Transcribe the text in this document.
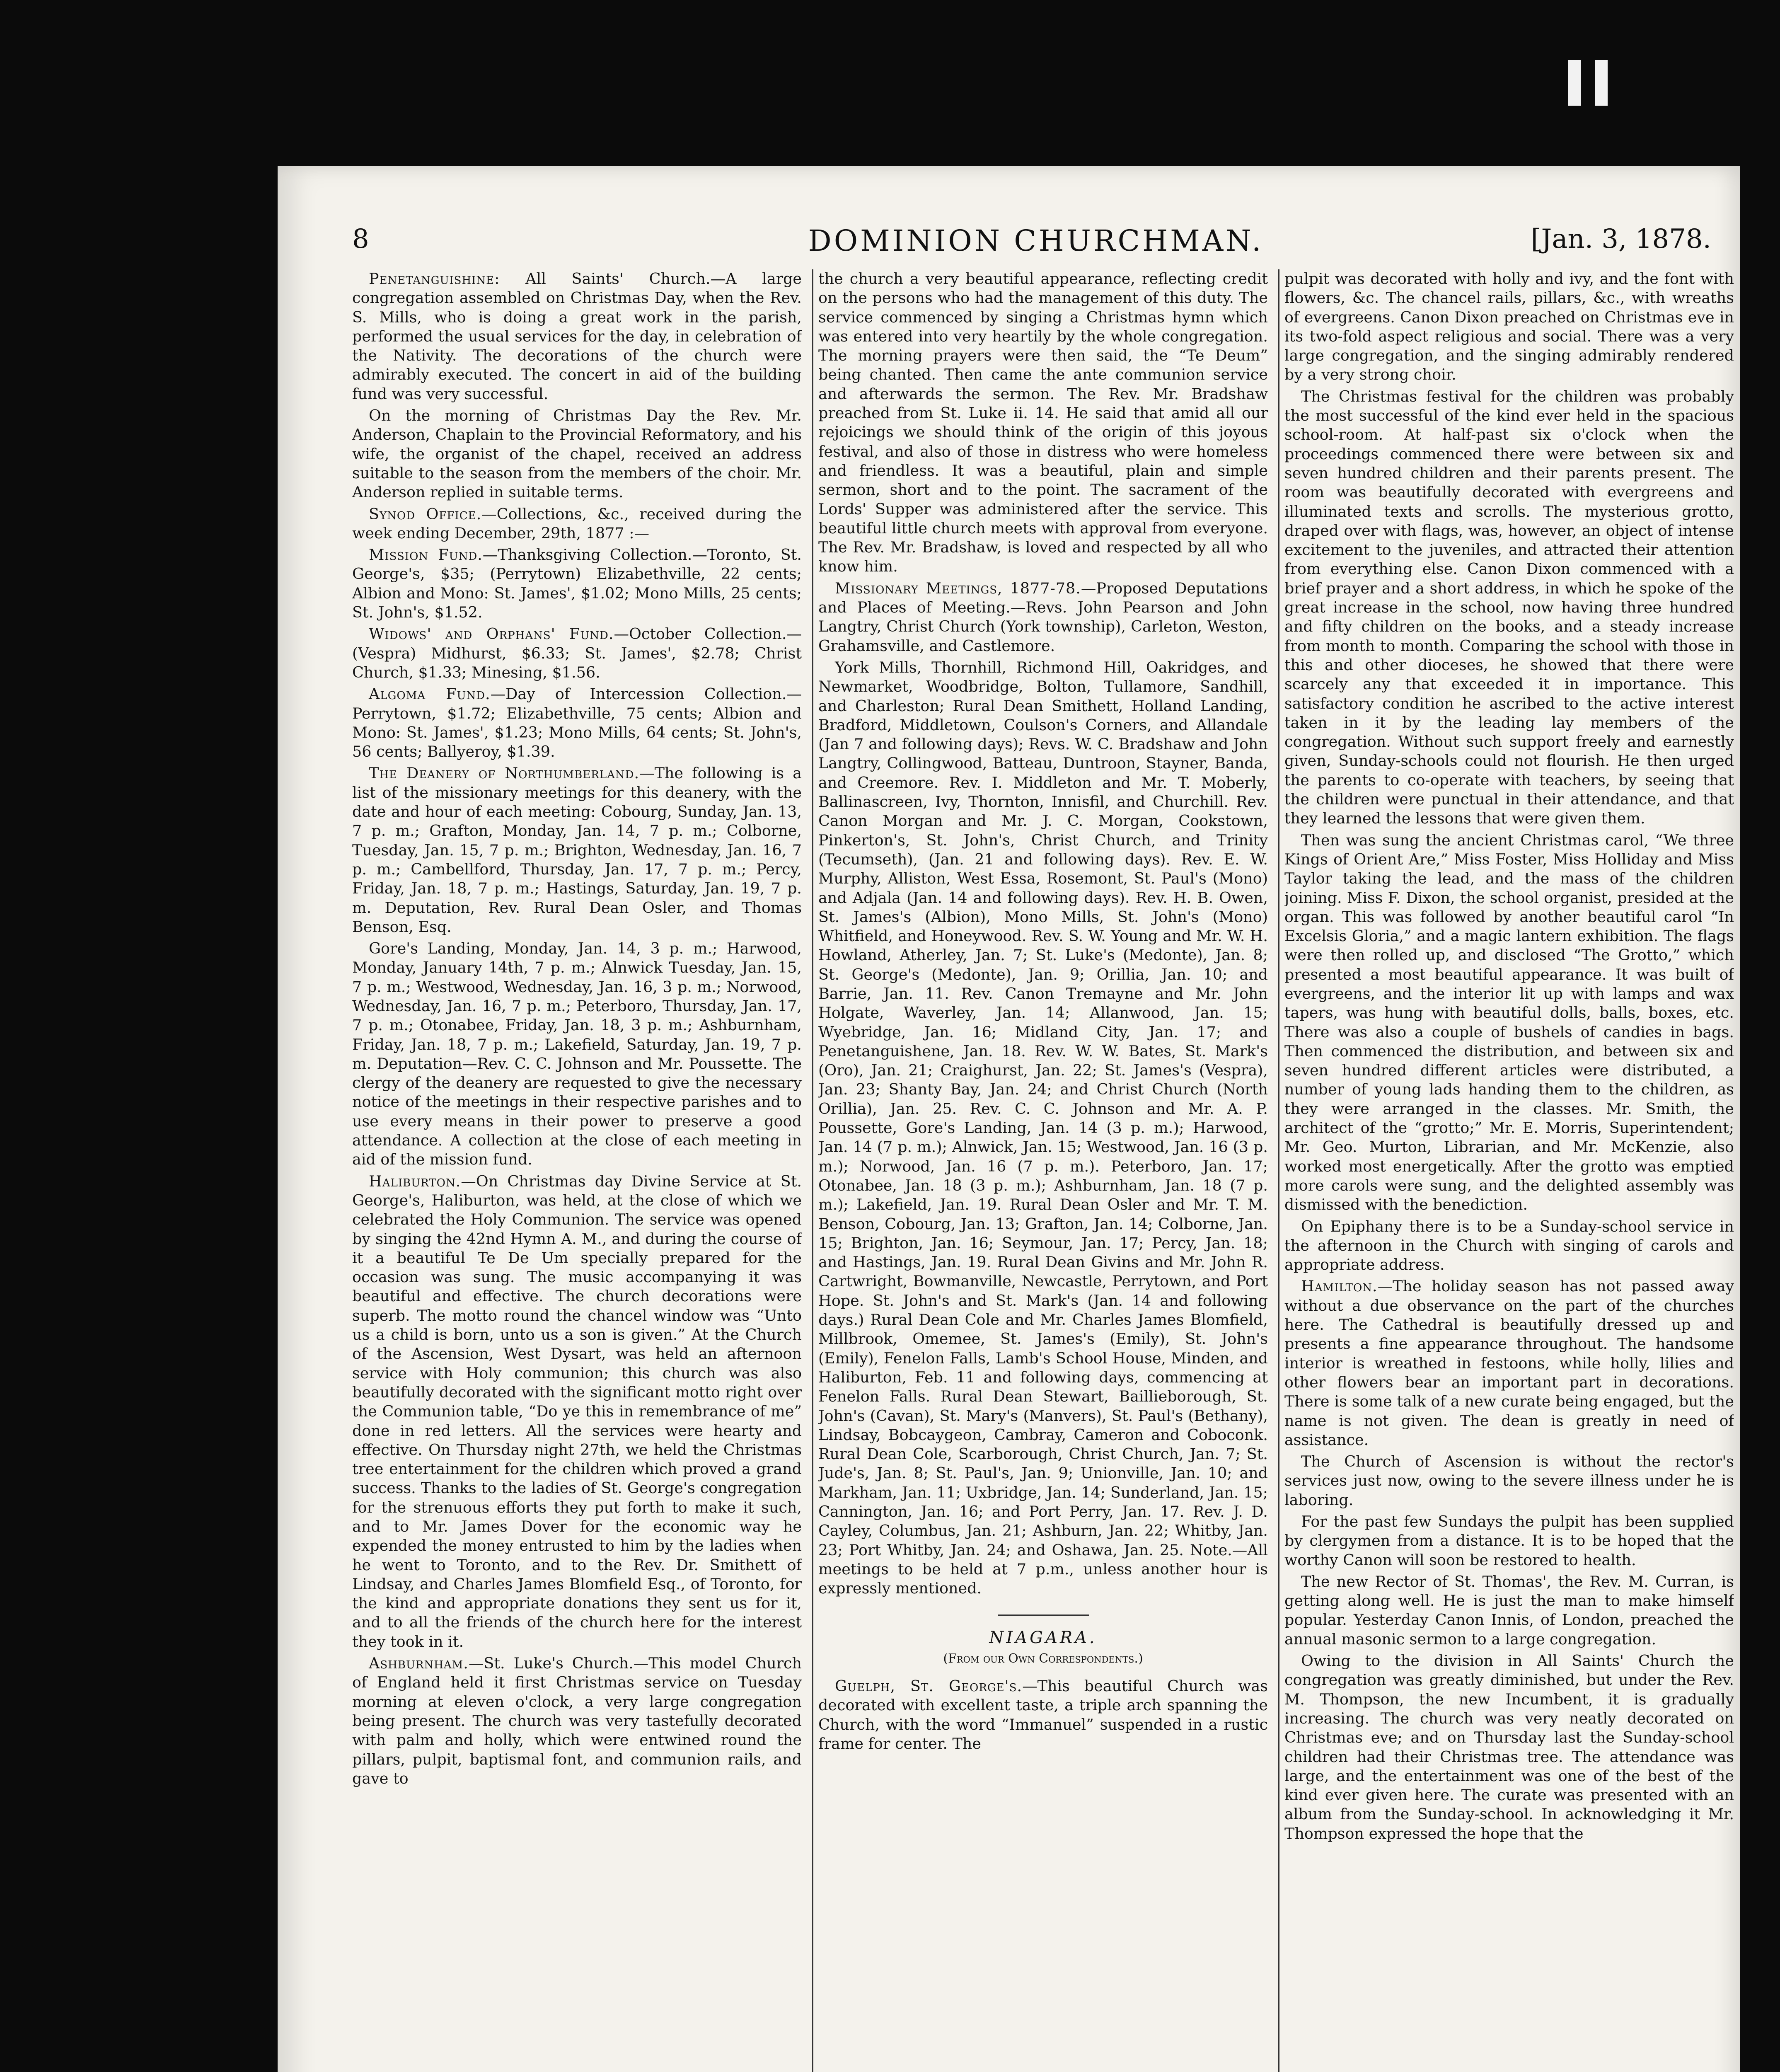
8	DOMINION CHURCHMAN.	[Jan. 3, 1878.

Penetanguishine: All Saints' Church.—A large congregation assembled on Christmas Day, when the Rev. S. Mills, who is doing a great work in the parish, performed the usual services for the day, in celebration of the Nativity. The decorations of the church were admirably executed. The concert in aid of the building fund was very successful.

On the morning of Christmas Day the Rev. Mr. Anderson, Chaplain to the Provincial Reformatory, and his wife, the organist of the chapel, received an address suitable to the season from the members of the choir. Mr. Anderson replied in suitable terms.

Synod Office.—Collections, &c., received during the week ending December, 29th, 1877 :—

Mission Fund.—Thanksgiving Collection.—Toronto, St. George's, $35; (Perrytown) Elizabethville, 22 cents; Albion and Mono: St. James', $1.02; Mono Mills, 25 cents; St. John's, $1.52.

Widows' and Orphans' Fund.—October Collection.—(Vespra) Midhurst, $6.33; St. James', $2.78; Christ Church, $1.33; Minesing, $1.56.

Algoma Fund.—Day of Intercession Collection.—Perrytown, $1.72; Elizabethville, 75 cents; Albion and Mono: St. James', $1.23; Mono Mills, 64 cents; St. John's, 56 cents; Ballyeroy, $1.39.

The Deanery of Northumberland.—The following is a list of the missionary meetings for this deanery, with the date and hour of each meeting: Cobourg, Sunday, Jan. 13, 7 p. m.; Grafton, Monday, Jan. 14, 7 p. m.; Colborne, Tuesday, Jan. 15, 7 p. m.; Brighton, Wednesday, Jan. 16, 7 p. m.; Cambellford, Thursday, Jan. 17, 7 p. m.; Percy, Friday, Jan. 18, 7 p. m.; Hastings, Saturday, Jan. 19, 7 p. m. Deputation, Rev. Rural Dean Osler, and Thomas Benson, Esq.

Gore's Landing, Monday, Jan. 14, 3 p. m.; Harwood, Monday, January 14th, 7 p. m.; Alnwick Tuesday, Jan. 15, 7 p. m.; Westwood, Wednesday, Jan. 16, 3 p. m.; Norwood, Wednesday, Jan. 16, 7 p. m.; Peterboro, Thursday, Jan. 17, 7 p. m.; Otonabee, Friday, Jan. 18, 3 p. m.; Ashburnham, Friday, Jan. 18, 7 p. m.; Lakefield, Saturday, Jan. 19, 7 p. m. Deputation—Rev. C. C. Johnson and Mr. Poussette. The clergy of the deanery are requested to give the necessary notice of the meetings in their respective parishes and to use every means in their power to preserve a good attendance. A collection at the close of each meeting in aid of the mission fund.

Haliburton.—On Christmas day Divine Service at St. George's, Haliburton, was held, at the close of which we celebrated the Holy Communion. The service was opened by singing the 42nd Hymn A. M., and during the course of it a beautiful Te De Um specially prepared for the occasion was sung. The music accompanying it was beautiful and effective. The church decorations were superb. The motto round the chancel window was “Unto us a child is born, unto us a son is given.” At the Church of the Ascension, West Dysart, was held an afternoon service with Holy communion; this church was also beautifully decorated with the significant motto right over the Communion table, “Do ye this in remembrance of me” done in red letters. All the services were hearty and effective. On Thursday night 27th, we held the Christmas tree entertainment for the children which proved a grand success. Thanks to the ladies of St. George's congregation for the strenuous efforts they put forth to make it such, and to Mr. James Dover for the economic way he expended the money entrusted to him by the ladies when he went to Toronto, and to the Rev. Dr. Smithett of Lindsay, and Charles James Blomfield Esq., of Toronto, for the kind and appropriate donations they sent us for it, and to all the friends of the church here for the interest they took in it.

Ashburnham.—St. Luke's Church.—This model Church of England held it first Christmas service on Tuesday morning at eleven o'clock, a very large congregation being present. The church was very tastefully decorated with palm and holly, which were entwined round the pillars, pulpit, baptismal font, and communion rails, and gave to

the church a very beautiful appearance, reflecting credit on the persons who had the management of this duty. The service commenced by singing a Christmas hymn which was entered into very heartily by the whole congregation. The morning prayers were then said, the “Te Deum” being chanted. Then came the ante communion service and afterwards the sermon. The Rev. Mr. Bradshaw preached from St. Luke ii. 14. He said that amid all our rejoicings we should think of the origin of this joyous festival, and also of those in distress who were homeless and friendless. It was a beautiful, plain and simple sermon, short and to the point. The sacrament of the Lords' Supper was administered after the service. This beautiful little church meets with approval from everyone. The Rev. Mr. Bradshaw, is loved and respected by all who know him.

Missionary Meetings, 1877-78.—Proposed Deputations and Places of Meeting.—Revs. John Pearson and John Langtry, Christ Church (York township), Carleton, Weston, Grahamsville, and Castlemore.

York Mills, Thornhill, Richmond Hill, Oakridges, and Newmarket, Woodbridge, Bolton, Tullamore, Sandhill, and Charleston; Rural Dean Smithett, Holland Landing, Bradford, Middletown, Coulson's Corners, and Allandale (Jan 7 and following days); Revs. W. C. Bradshaw and John Langtry, Collingwood, Batteau, Duntroon, Stayner, Banda, and Creemore. Rev. I. Middleton and Mr. T. Moberly, Ballinascreen, Ivy, Thornton, Innisfil, and Churchill. Rev. Canon Morgan and Mr. J. C. Morgan, Cookstown, Pinkerton's, St. John's, Christ Church, and Trinity (Tecumseth), (Jan. 21 and following days). Rev. E. W. Murphy, Alliston, West Essa, Rosemont, St. Paul's (Mono) and Adjala (Jan. 14 and following days). Rev. H. B. Owen, St. James's (Albion), Mono Mills, St. John's (Mono) Whitfield, and Honeywood. Rev. S. W. Young and Mr. W. H. Howland, Atherley, Jan. 7; St. Luke's (Medonte), Jan. 8; St. George's (Medonte), Jan. 9; Orillia, Jan. 10; and Barrie, Jan. 11. Rev. Canon Tremayne and Mr. John Holgate, Waverley, Jan. 14; Allanwood, Jan. 15; Wyebridge, Jan. 16; Midland City, Jan. 17; and Penetanguishene, Jan. 18. Rev. W. W. Bates, St. Mark's (Oro), Jan. 21; Craighurst, Jan. 22; St. James's (Vespra), Jan. 23; Shanty Bay, Jan. 24; and Christ Church (North Orillia), Jan. 25. Rev. C. C. Johnson and Mr. A. P. Poussette, Gore's Landing, Jan. 14 (3 p. m.); Harwood, Jan. 14 (7 p. m.); Alnwick, Jan. 15; Westwood, Jan. 16 (3 p. m.); Norwood, Jan. 16 (7 p. m.). Peterboro, Jan. 17; Otonabee, Jan. 18 (3 p. m.); Ashburnham, Jan. 18 (7 p. m.); Lakefield, Jan. 19. Rural Dean Osler and Mr. T. M. Benson, Cobourg, Jan. 13; Grafton, Jan. 14; Colborne, Jan. 15; Brighton, Jan. 16; Seymour, Jan. 17; Percy, Jan. 18; and Hastings, Jan. 19. Rural Dean Givins and Mr. John R. Cartwright, Bowmanville, Newcastle, Perrytown, and Port Hope. St. John's and St. Mark's (Jan. 14 and following days.) Rural Dean Cole and Mr. Charles James Blomfield, Millbrook, Omemee, St. James's (Emily), St. John's (Emily), Fenelon Falls, Lamb's School House, Minden, and Haliburton, Feb. 11 and following days, commencing at Fenelon Falls. Rural Dean Stewart, Baillieborough, St. John's (Cavan), St. Mary's (Manvers), St. Paul's (Bethany), Lindsay, Bobcaygeon, Cambray, Cameron and Coboconk. Rural Dean Cole, Scarborough, Christ Church, Jan. 7; St. Jude's, Jan. 8; St. Paul's, Jan. 9; Unionville, Jan. 10; and Markham, Jan. 11; Uxbridge, Jan. 14; Sunderland, Jan. 15; Cannington, Jan. 16; and Port Perry, Jan. 17. Rev. J. D. Cayley, Columbus, Jan. 21; Ashburn, Jan. 22; Whitby, Jan. 23; Port Whitby, Jan. 24; and Oshawa, Jan. 25. Note.—All meetings to be held at 7 p.m., unless another hour is expressly mentioned.

NIAGARA.
(From our Own Correspondents.)

Guelph, St. George's.—This beautiful Church was decorated with excellent taste, a triple arch spanning the Church, with the word “Immanuel” suspended in a rustic frame for center. The

pulpit was decorated with holly and ivy, and the font with flowers, &c. The chancel rails, pillars, &c., with wreaths of evergreens. Canon Dixon preached on Christmas eve in its two-fold aspect religious and social. There was a very large congregation, and the singing admirably rendered by a very strong choir.

The Christmas festival for the children was probably the most successful of the kind ever held in the spacious school-room. At half-past six o'clock when the proceedings commenced there were between six and seven hundred children and their parents present. The room was beautifully decorated with evergreens and illuminated texts and scrolls. The mysterious grotto, draped over with flags, was, however, an object of intense excitement to the juveniles, and attracted their attention from everything else. Canon Dixon commenced with a brief prayer and a short address, in which he spoke of the great increase in the school, now having three hundred and fifty children on the books, and a steady increase from month to month. Comparing the school with those in this and other dioceses, he showed that there were scarcely any that exceeded it in importance. This satisfactory condition he ascribed to the active interest taken in it by the leading lay members of the congregation. Without such support freely and earnestly given, Sunday-schools could not flourish. He then urged the parents to co-operate with teachers, by seeing that the children were punctual in their attendance, and that they learned the lessons that were given them.

Then was sung the ancient Christmas carol, “We three Kings of Orient Are,” Miss Foster, Miss Holliday and Miss Taylor taking the lead, and the mass of the children joining. Miss F. Dixon, the school organist, presided at the organ. This was followed by another beautiful carol “In Excelsis Gloria,” and a magic lantern exhibition. The flags were then rolled up, and disclosed “The Grotto,” which presented a most beautiful appearance. It was built of evergreens, and the interior lit up with lamps and wax tapers, was hung with beautiful dolls, balls, boxes, etc. There was also a couple of bushels of candies in bags. Then commenced the distribution, and between six and seven hundred different articles were distributed, a number of young lads handing them to the children, as they were arranged in the classes. Mr. Smith, the architect of the “grotto;” Mr. E. Morris, Superintendent; Mr. Geo. Murton, Librarian, and Mr. McKenzie, also worked most energetically. After the grotto was emptied more carols were sung, and the delighted assembly was dismissed with the benediction.

On Epiphany there is to be a Sunday-school service in the afternoon in the Church with singing of carols and appropriate address.

Hamilton.—The holiday season has not passed away without a due observance on the part of the churches here. The Cathedral is beautifully dressed up and presents a fine appearance throughout. The handsome interior is wreathed in festoons, while holly, lilies and other flowers bear an important part in decorations. There is some talk of a new curate being engaged, but the name is not given. The dean is greatly in need of assistance.

The Church of Ascension is without the rector's services just now, owing to the severe illness under he is laboring.

For the past few Sundays the pulpit has been supplied by clergymen from a distance. It is to be hoped that the worthy Canon will soon be restored to health.

The new Rector of St. Thomas', the Rev. M. Curran, is getting along well. He is just the man to make himself popular. Yesterday Canon Innis, of London, preached the annual masonic sermon to a large congregation.

Owing to the division in All Saints' Church the congregation was greatly diminished, but under the Rev. M. Thompson, the new Incumbent, it is gradually increasing. The church was very neatly decorated on Christmas eve; and on Thursday last the Sunday-school children had their Christmas tree. The attendance was large, and the entertainment was one of the best of the kind ever given here. The curate was presented with an album from the Sunday-school. In acknowledging it Mr. Thompson expressed the hope that the
